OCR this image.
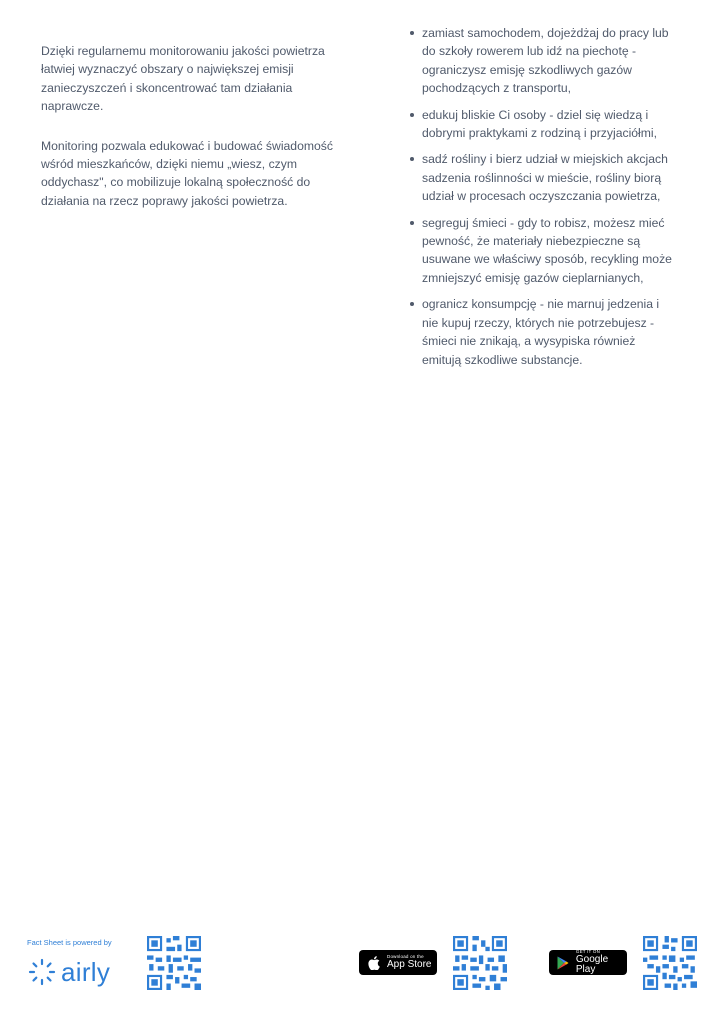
Dzięki regularnemu monitorowaniu jakości powietrza łatwiej wyznaczyć obszary o największej emisji zanieczyszczeń i skoncentrować tam działania naprawcze.

Monitoring pozwala edukować i budować świadomość wśród mieszkańców, dzięki niemu „wiesz, czym oddychasz", co mobilizuje lokalną społeczność do działania na rzecz poprawy jakości powietrza.

zamiast samochodem, dojeżdżaj do pracy lub do szkoły rowerem lub idź na piechotę - ograniczysz emisję szkodliwych gazów pochodzących z transportu,
edukuj bliskie Ci osoby - dziel się wiedzą i dobrymi praktykami z rodziną i przyjaciółmi,
sadź rośliny i bierz udział w miejskich akcjach sadzenia roślinności w mieście, rośliny biorą udział w procesach oczyszczania powietrza,
segreguj śmieci - gdy to robisz, możesz mieć pewność, że materiały niebezpieczne są usuwane we właściwy sposób, recykling może zmniejszyć emisję gazów cieplarnianych,
ogranicz konsumpcję - nie marnuj jedzenia i nie kupuj rzeczy, których nie potrzebujesz - śmieci nie znikają, a wysypiska również emitują szkodliwe substancje.
Fact Sheet is powered by
airly
Download on the
App Store
GET IT ON
Google Play
